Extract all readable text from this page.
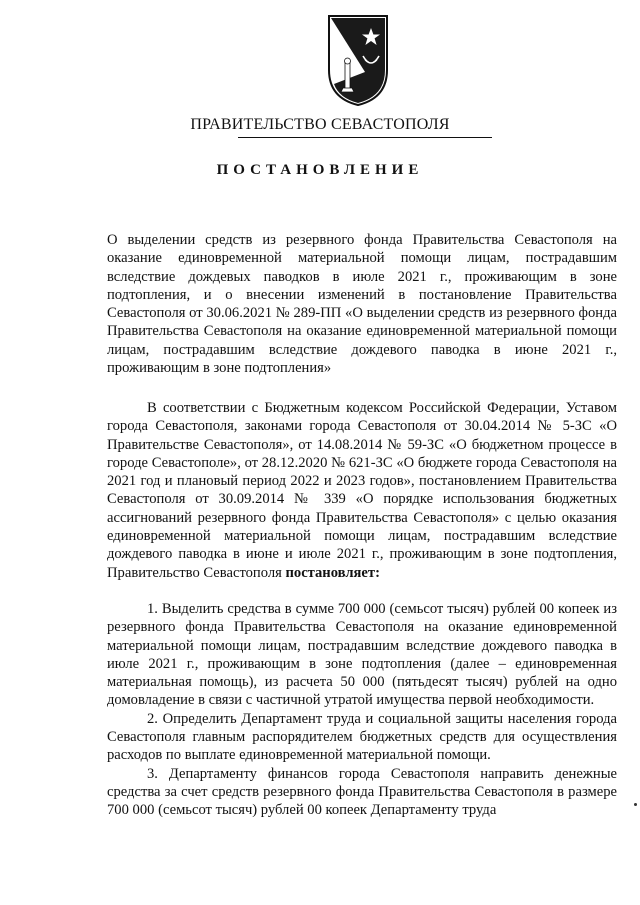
ПРАВИТЕЛЬСТВО СЕВАСТОПОЛЯ
ПОСТАНОВЛЕНИЕ
О выделении средств из резервного фонда Правительства Севастополя на оказание единовременной материальной помощи лицам, пострадавшим вследствие дождевых паводков в июле 2021 г., проживающим в зоне подтопления, и о внесении изменений в постановление Правительства Севастополя от 30.06.2021 № 289-ПП «О выделении средств из резервного фонда Правительства Севастополя на оказание единовременной материальной помощи лицам, пострадавшим вследствие дождевого паводка в июне 2021 г., проживающим в зоне подтопления»

В соответствии с Бюджетным кодексом Российской Федерации, Уставом города Севастополя, законами города Севастополя от 30.04.2014 № 5-ЗС «О Правительстве Севастополя», от 14.08.2014 № 59-ЗС «О бюджетном процессе в городе Севастополе», от 28.12.2020 № 621-ЗС «О бюджете города Севастополя на 2021 год и плановый период 2022 и 2023 годов», постановлением Правительства Севастополя от 30.09.2014 № 339 «О порядке использования бюджетных ассигнований резервного фонда Правительства Севастополя» с целью оказания единовременной материальной помощи лицам, пострадавшим вследствие дождевого паводка в июне и июле 2021 г., проживающим в зоне подтопления, Правительство Севастополя постановляет:

1. Выделить средства в сумме 700 000 (семьсот тысяч) рублей 00 копеек из резервного фонда Правительства Севастополя на оказание единовременной материальной помощи лицам, пострадавшим вследствие дождевого паводка в июле 2021 г., проживающим в зоне подтопления (далее – единовременная материальная помощь), из расчета 50 000 (пятьдесят тысяч) рублей на одно домовладение в связи с частичной утратой имущества первой необходимости.

2. Определить Департамент труда и социальной защиты населения города Севастополя главным распорядителем бюджетных средств для осуществления расходов по выплате единовременной материальной помощи.

3. Департаменту финансов города Севастополя направить денежные средства за счет средств резервного фонда Правительства Севастополя в размере 700 000 (семьсот тысяч) рублей 00 копеек Департаменту труда
